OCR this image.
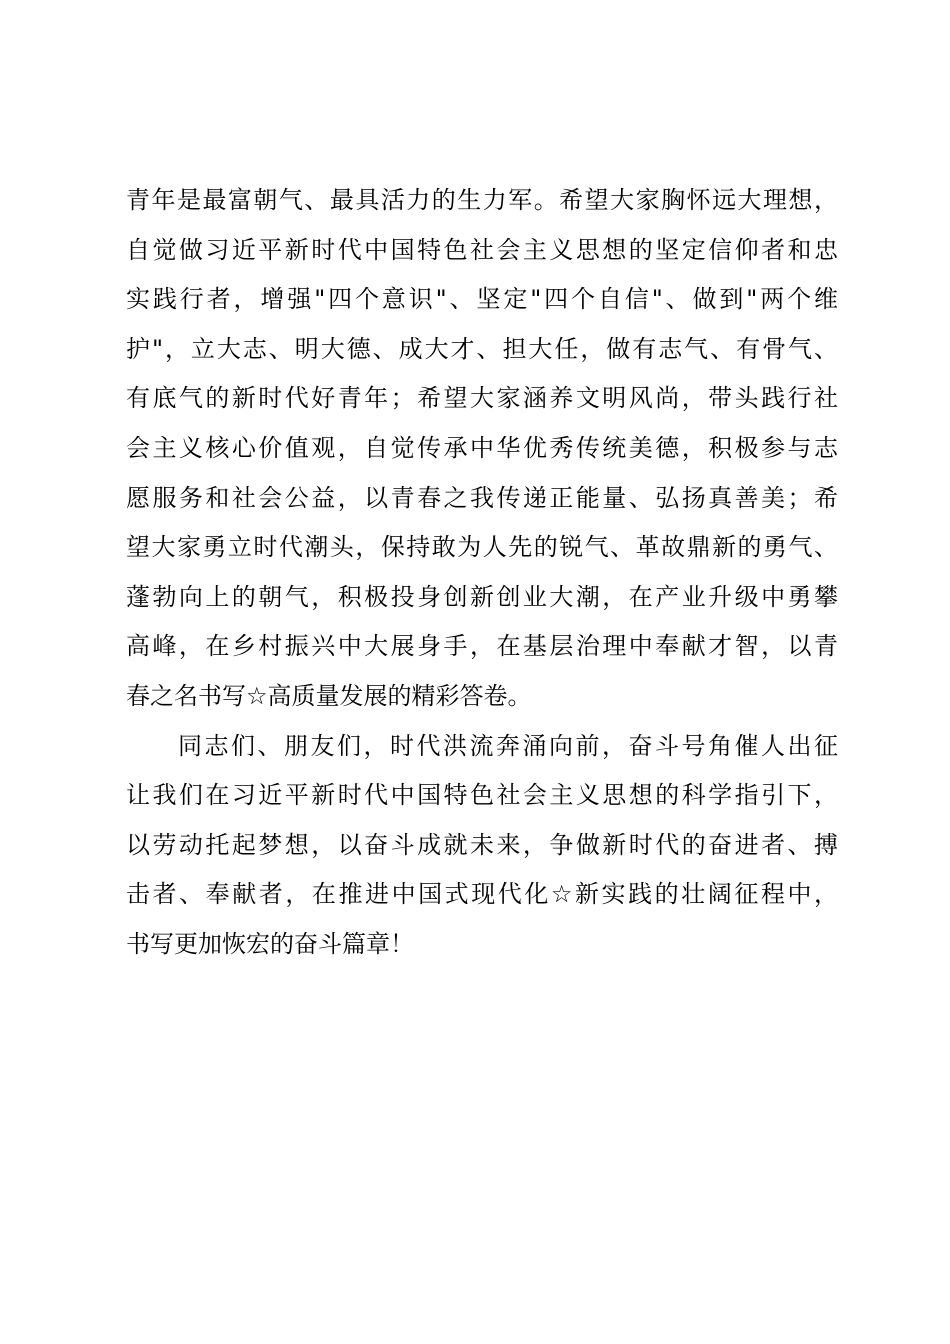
青年是最富朝气、最具活力的生力军。希望大家胸怀远大理想，
自觉做习近平新时代中国特色社会主义思想的坚定信仰者和忠
实践行者，增强"四个意识"、坚定"四个自信"、做到"两个维
护"，立大志、明大德、成大才、担大任，做有志气、有骨气、
有底气的新时代好青年；希望大家涵养文明风尚，带头践行社
会主义核心价值观，自觉传承中华优秀传统美德，积极参与志
愿服务和社会公益，以青春之我传递正能量、弘扬真善美；希
望大家勇立时代潮头，保持敢为人先的锐气、革故鼎新的勇气、
蓬勃向上的朝气，积极投身创新创业大潮，在产业升级中勇攀
高峰，在乡村振兴中大展身手，在基层治理中奉献才智，以青
春之名书写☆高质量发展的精彩答卷。
同志们、朋友们，时代洪流奔涌向前，奋斗号角催人出征
让我们在习近平新时代中国特色社会主义思想的科学指引下，
以劳动托起梦想，以奋斗成就未来，争做新时代的奋进者、搏
击者、奉献者，在推进中国式现代化☆新实践的壮阔征程中，
书写更加恢宏的奋斗篇章！
